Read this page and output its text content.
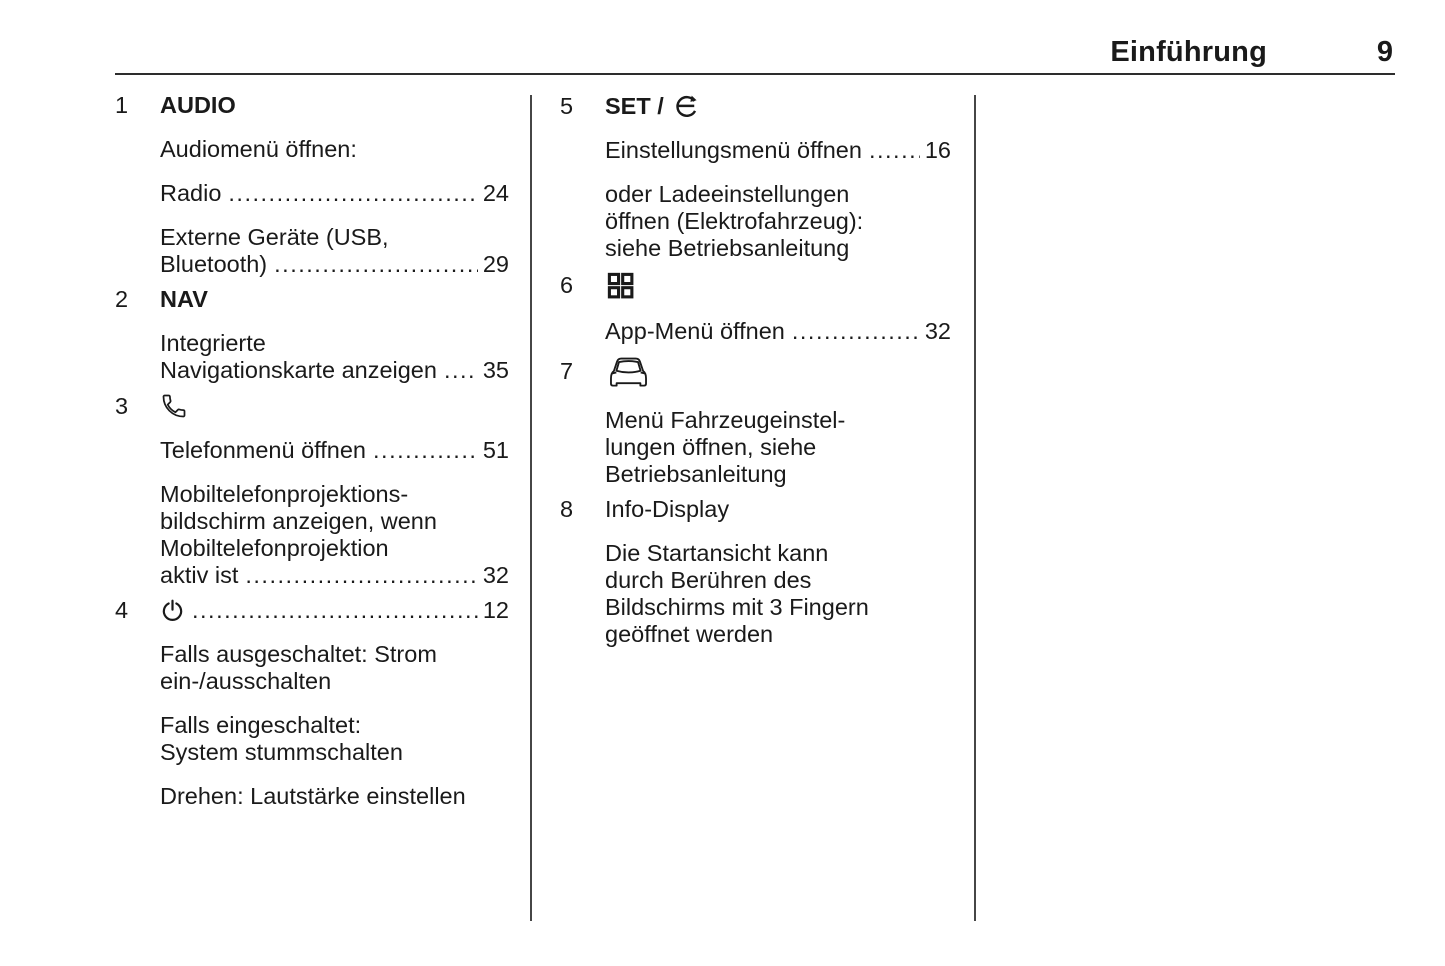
Einführung	9
1	AUDIO
Audiomenü öffnen:
Radio .....	24
Externe Geräte (USB,
Bluetooth) .....	29
2	NAV
Integrierte
Navigationskarte anzeigen ..... 35
3
Telefonmenü öffnen .....	51
Mobiltelefonprojektions-
bildschirm anzeigen, wenn
Mobiltelefonprojektion
aktiv ist .....	32
4 .....	12
Falls ausgeschaltet: Strom
ein-/ausschalten
Falls eingeschaltet:
System stummschalten
Drehen: Lautstärke einstellen
5	SET /
Einstellungsmenü öffnen .....	16
oder Ladeeinstellungen
öffnen (Elektrofahrzeug):
siehe Betriebsanleitung
6
App-Menü öffnen .....	32
7
Menü Fahrzeugeinstel-
lungen öffnen, siehe
Betriebsanleitung
8	Info-Display
Die Startansicht kann
durch Berühren des
Bildschirms mit 3 Fingern
geöffnet werden
